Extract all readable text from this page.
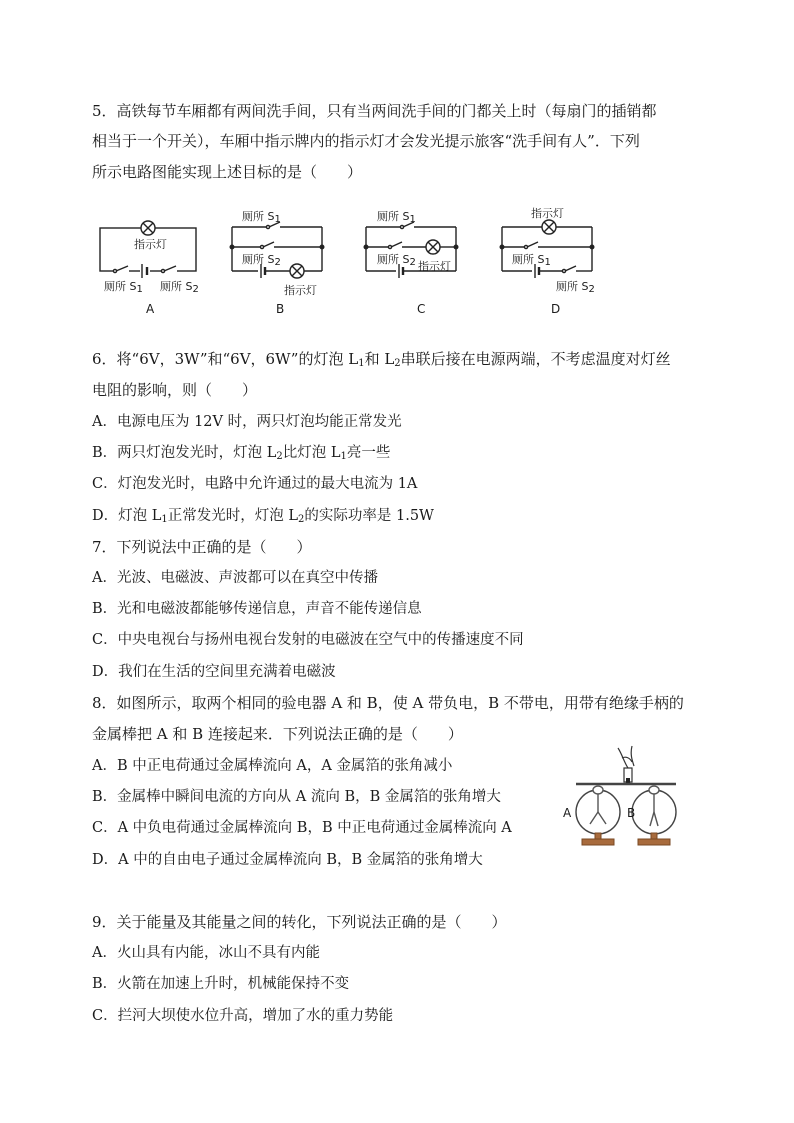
5．高铁每节车厢都有两间洗手间，只有当两间洗手间的门都关上时（每扇门的插销都
相当于一个开关），车厢中指示牌内的指示灯才会发光提示旅客“洗手间有人”．下列
所示电路图能实现上述目标的是（　　）
指示灯
厕所 $S_1$ 厕所 $S_2$
A
厕所 $S_1$
厕所 $S_2$
指示灯
B
厕所 $S_1$
厕所 $S_2$ 指示灯
C
指示灯
厕所 $S_1$
厕所 $S_2$
D
6．将“6V，3W”和“6V，6W”的灯泡 $L_1$和 $L_2$串联后接在电源两端，不考虑温度对灯丝
电阻的影响，则（　　）
A．电源电压为 12V 时，两只灯泡均能正常发光
B．两只灯泡发光时，灯泡 $L_2$比灯泡 $L_1$亮一些
C．灯泡发光时，电路中允许通过的最大电流为 1A
D．灯泡 $L_1$正常发光时，灯泡 $L_2$的实际功率是 1.5W
7．下列说法中正确的是（　　）
A．光波、电磁波、声波都可以在真空中传播
B．光和电磁波都能够传递信息，声音不能传递信息
C．中央电视台与扬州电视台发射的电磁波在空气中的传播速度不同
D．我们在生活的空间里充满着电磁波
8．如图所示，取两个相同的验电器 A 和 B，使 A 带负电，B 不带电，用带有绝缘手柄的
金属棒把 A 和 B 连接起来．下列说法正确的是（　　）
A．B 中正电荷通过金属棒流向 A，A 金属箔的张角减小
B．金属棒中瞬间电流的方向从 A 流向 B，B 金属箔的张角增大
C．A 中负电荷通过金属棒流向 B，B 中正电荷通过金属棒流向 A
D．A 中的自由电子通过金属棒流向 B，B 金属箔的张角增大
A	B
9．关于能量及其能量之间的转化，下列说法正确的是（　　）
A．火山具有内能，冰山不具有内能
B．火箭在加速上升时，机械能保持不变
C．拦河大坝使水位升高，增加了水的重力势能
